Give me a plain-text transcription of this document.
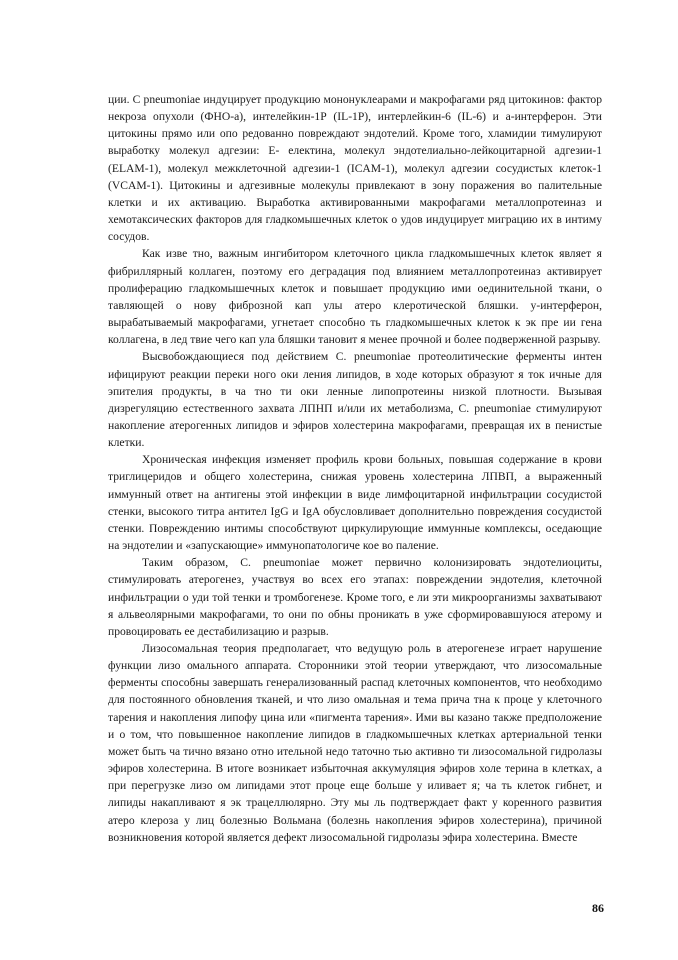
ции. C pneumoniae индуцирует продукцию мононуклеарами и макрофагами ряд цитокинов: фактор некроза опухоли (ФНО-а), интелейкин-1Р (IL-1P), интерлейкин-6 (IL-6) и а-интерферон. Эти цитокины прямо или опо редованно повреждают эндотелий. Кроме того, хламидии тимулируют выработку молекул адгезии: Е- електина, молекул эндотелиально-лейкоцитарной адгезии-1 (ELAM-1), молекул межклеточной адгезии-1 (ICAM-1), молекул адгезии сосудистых клеток-1 (VCAM-1). Цитокины и адгезивные молекулы привлекают в зону поражения во палительные клетки и их активацию. Выработка активированными макрофагами металлопротеиназ и хемотаксических факторов для гладкомышечных клеток о удов индуцирует миграцию их в интиму сосудов.

Как изве тно, важным ингибитором клеточного цикла гладкомышечных клеток являет я фибриллярный коллаген, поэтому его деградация под влиянием металлопротеиназ активирует пролиферацию гладкомышечных клеток и повышает продукцию ими оединительной ткани, о тавляющей о нову фиброзной кап улы атеро клеротической бляшки. у-интерферон, вырабатываемый макрофагами, угнетает способно ть гладкомышечных клеток к эк пре ии гена коллагена, в лед твие чего кап ула бляшки тановит я менее прочной и более подверженной разрыву.

Высвобождающиеся под действием C. pneumoniae протеолитические ферменты интен ифицируют реакции переки ного оки ления липидов, в ходе которых образуют я ток ичные для эпителия продукты, в ча тно ти оки ленные липопротеины низкой плотности. Вызывая дизрегуляцию естественного захвата ЛПНП и/или их метаболизма, C. pneumoniae стимулируют накопление атерогенных липидов и эфиров холестерина макрофагами, превращая их в пенистые клетки.

Хроническая инфекция изменяет профиль крови больных, повышая содержание в крови триглицеридов и общего холестерина, снижая уровень холестерина ЛПВП, а выраженный иммунный ответ на антигены этой инфекции в виде лимфоцитарной инфильтрации сосудистой стенки, высокого титра антител IgG и IgA обусловливает дополнительно повреждения сосудистой стенки. Повреждению интимы способствуют циркулирующие иммунные комплексы, оседающие на эндотелии и «запускающие» иммунопатологиче кое во паление.

Таким образом, C. pneumoniae может первично колонизировать эндотелиоциты, стимулировать атерогенез, участвуя во всех его этапах: повреждении эндотелия, клеточной инфильтрации о уди той тенки и тромбогенезе. Кроме того, е ли эти микроорганизмы захватывают я альвеолярными макрофагами, то они по обны проникать в уже сформировавшуюся атерому и провоцировать ее дестабилизацию и разрыв.

Лизосомальная теория предполагает, что ведущую роль в атерогенезе играет нарушение функции лизо омального аппарата. Сторонники этой теории утверждают, что лизосомальные ферменты способны завершать генерализованный распад клеточных компонентов, что необходимо для постоянного обновления тканей, и что лизо омальная и тема прича тна к проце у клеточного тарения и накопления липофу цина или «пигмента тарения». Ими вы казано также предположение и о том, что повышенное накопление липидов в гладкомышечных клетках артериальной тенки может быть ча тично вязано отно ительной недо таточно тью активно ти лизосомальной гидролазы эфиров холестерина. В итоге возникает избыточная аккумуляция эфиров холе терина в клетках, а при перегрузке лизо ом липидами этот проце еще больше у иливает я; ча ть клеток гибнет, и липиды накапливают я эк трацеллюлярно. Эту мы ль подтверждает факт у коренного развития атеро клероза у лиц болезнью Вольмана (болезнь накопления эфиров холестерина), причиной возникновения которой является дефект лизосомальной гидролазы эфира холестерина. Вместе

86
